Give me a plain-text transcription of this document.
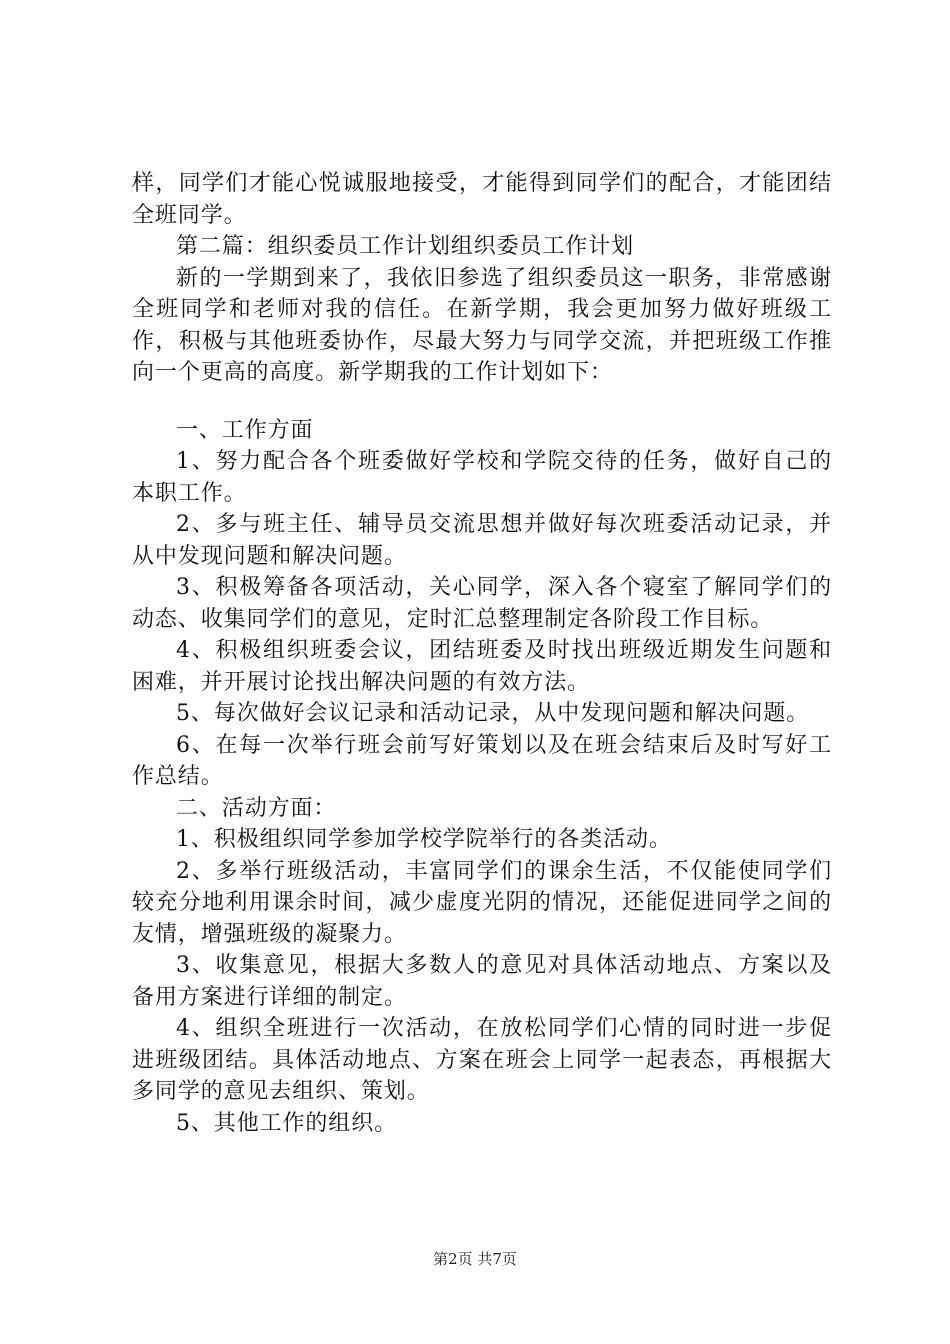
样，同学们才能心悦诚服地接受，才能得到同学们的配合，才能团结全班同学。

第二篇：组织委员工作计划组织委员工作计划

新的一学期到来了，我依旧参选了组织委员这一职务，非常感谢全班同学和老师对我的信任。在新学期，我会更加努力做好班级工作，积极与其他班委协作，尽最大努力与同学交流，并把班级工作推向一个更高的高度。新学期我的工作计划如下：

一、工作方面

1、努力配合各个班委做好学校和学院交待的任务，做好自己的本职工作。

2、多与班主任、辅导员交流思想并做好每次班委活动记录，并从中发现问题和解决问题。

3、积极筹备各项活动，关心同学，深入各个寝室了解同学们的动态、收集同学们的意见，定时汇总整理制定各阶段工作目标。

4、积极组织班委会议，团结班委及时找出班级近期发生问题和困难，并开展讨论找出解决问题的有效方法。

5、每次做好会议记录和活动记录，从中发现问题和解决问题。

6、在每一次举行班会前写好策划以及在班会结束后及时写好工作总结。

二、活动方面：

1、积极组织同学参加学校学院举行的各类活动。

2、多举行班级活动，丰富同学们的课余生活，不仅能使同学们较充分地利用课余时间，减少虚度光阴的情况，还能促进同学之间的友情，增强班级的凝聚力。

3、收集意见，根据大多数人的意见对具体活动地点、方案以及备用方案进行详细的制定。

4、组织全班进行一次活动，在放松同学们心情的同时进一步促进班级团结。具体活动地点、方案在班会上同学一起表态，再根据大多同学的意见去组织、策划。

5、其他工作的组织。

第2页 共7页
